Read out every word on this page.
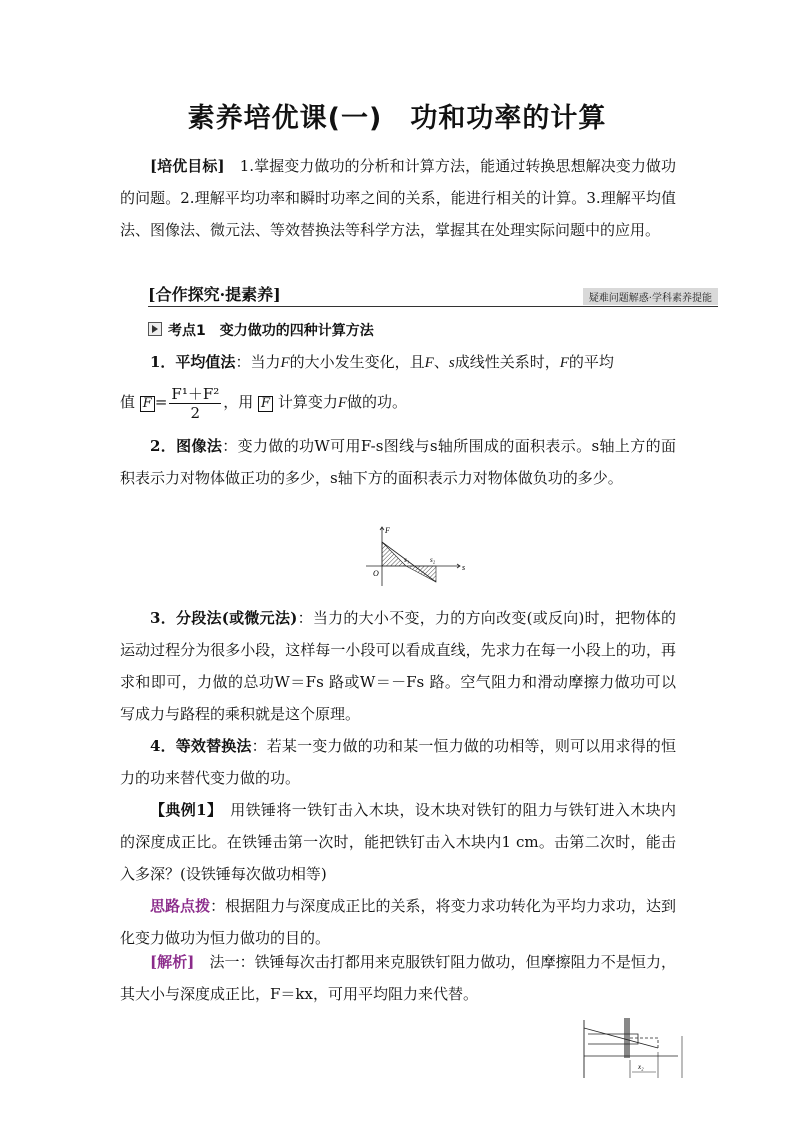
素养培优课(一)　功和功率的计算
[培优目标]　1.掌握变力做功的分析和计算方法，能通过转换思想解决变力做功的问题。2.理解平均功率和瞬时功率之间的关系，能进行相关的计算。3.理解平均值法、图像法、微元法、等效替换法等科学方法，掌握其在处理实际问题中的应用。
[合作探究·提素养]	疑难问题解惑·学科素养提能
考点1　变力做功的四种计算方法
1．平均值法：当力F的大小发生变化，且F、s成线性关系时，F的平均
值 $F = \frac{\text{F¹＋F²}}{2}$ ，用 F 计算变力F做的功。
2．图像法：变力做的功W可用F-s图线与s轴所围成的面积表示。s轴上方的面积表示力对物体做正功的多少，s轴下方的面积表示力对物体做负功的多少。
F
O
s
s₁	s₂
3．分段法(或微元法)：当力的大小不变，力的方向改变(或反向)时，把物体的运动过程分为很多小段，这样每一小段可以看成直线，先求力在每一小段上的功，再求和即可，力做的总功W＝Fs 路或W＝－Fs 路。空气阻力和滑动摩擦力做功可以写成力与路程的乘积就是这个原理。
4．等效替换法：若某一变力做的功和某一恒力做的功相等，则可以用求得的恒力的功来替代变力做的功。
【典例1】　用铁锤将一铁钉击入木块，设木块对铁钉的阻力与铁钉进入木块内的深度成正比。在铁锤击第一次时，能把铁钉击入木块内1 cm。击第二次时，能击入多深？(设铁锤每次做功相等)
思路点拨：根据阻力与深度成正比的关系，将变力求功转化为平均力求功，达到化变力做功为恒力做功的目的。
[解析]　法一：铁锤每次击打都用来克服铁钉阻力做功，但摩擦阻力不是恒力，其大小与深度成正比，F＝kx，可用平均阻力来代替。
x₂
